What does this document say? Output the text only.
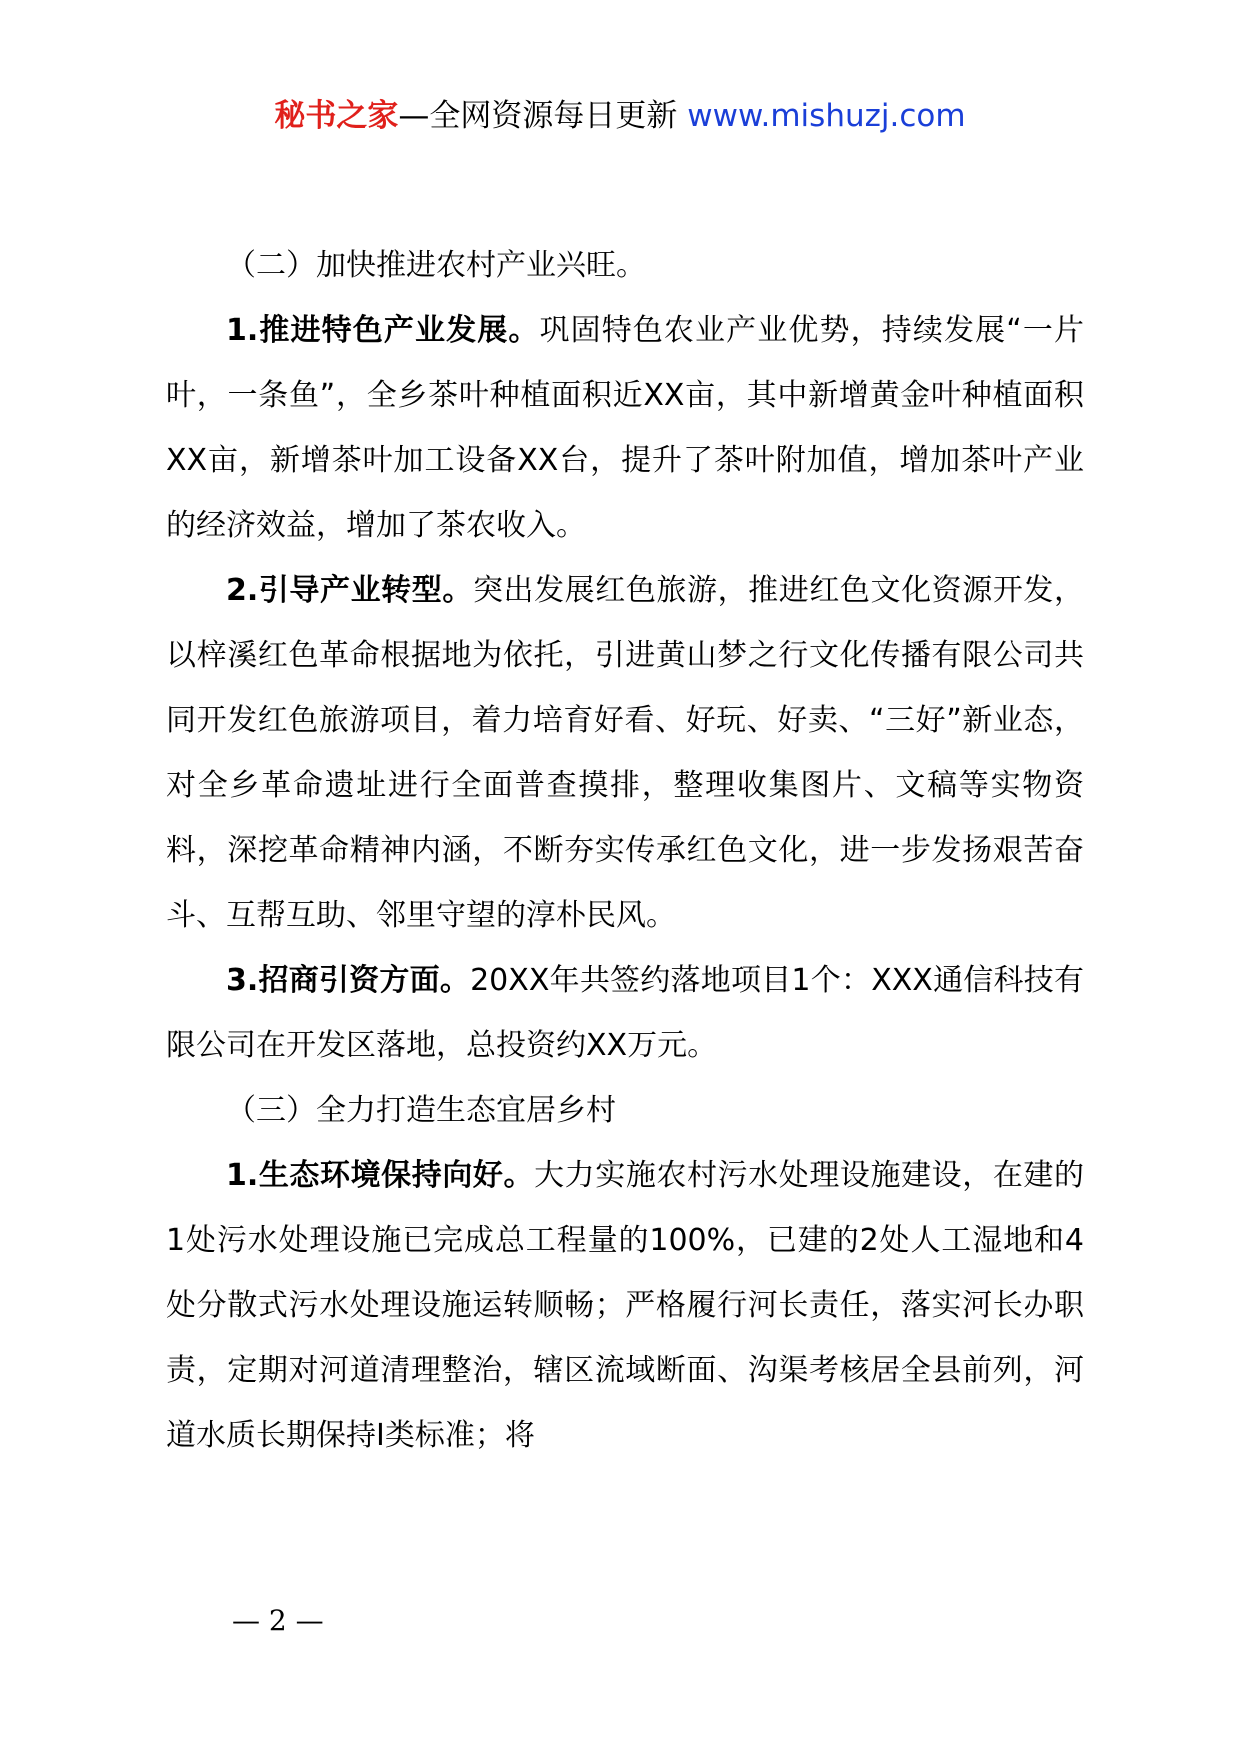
秘书之家—全网资源每日更新 www.mishuzj.com

（二）加快推进农村产业兴旺。

1.推进特色产业发展。巩固特色农业产业优势，持续发展“一片叶，一条鱼”，全乡茶叶种植面积近XX亩，其中新增黄金叶种植面积XX亩，新增茶叶加工设备XX台，提升了茶叶附加值，增加茶叶产业的经济效益，增加了茶农收入。

2.引导产业转型。突出发展红色旅游，推进红色文化资源开发，以梓溪红色革命根据地为依托，引进黄山梦之行文化传播有限公司共同开发红色旅游项目，着力培育好看、好玩、好卖、“三好”新业态，对全乡革命遗址进行全面普查摸排，整理收集图片、文稿等实物资料，深挖革命精神内涵，不断夯实传承红色文化，进一步发扬艰苦奋斗、互帮互助、邻里守望的淳朴民风。

3.招商引资方面。20XX年共签约落地项目1个：XXX通信科技有限公司在开发区落地，总投资约XX万元。

（三）全力打造生态宜居乡村

1.生态环境保持向好。大力实施农村污水处理设施建设，在建的1处污水处理设施已完成总工程量的100%，已建的2处人工湿地和4处分散式污水处理设施运转顺畅；严格履行河长责任，落实河长办职责，定期对河道清理整治，辖区流域断面、沟渠考核居全县前列，河道水质长期保持Ⅰ类标准；将

— 2 —
